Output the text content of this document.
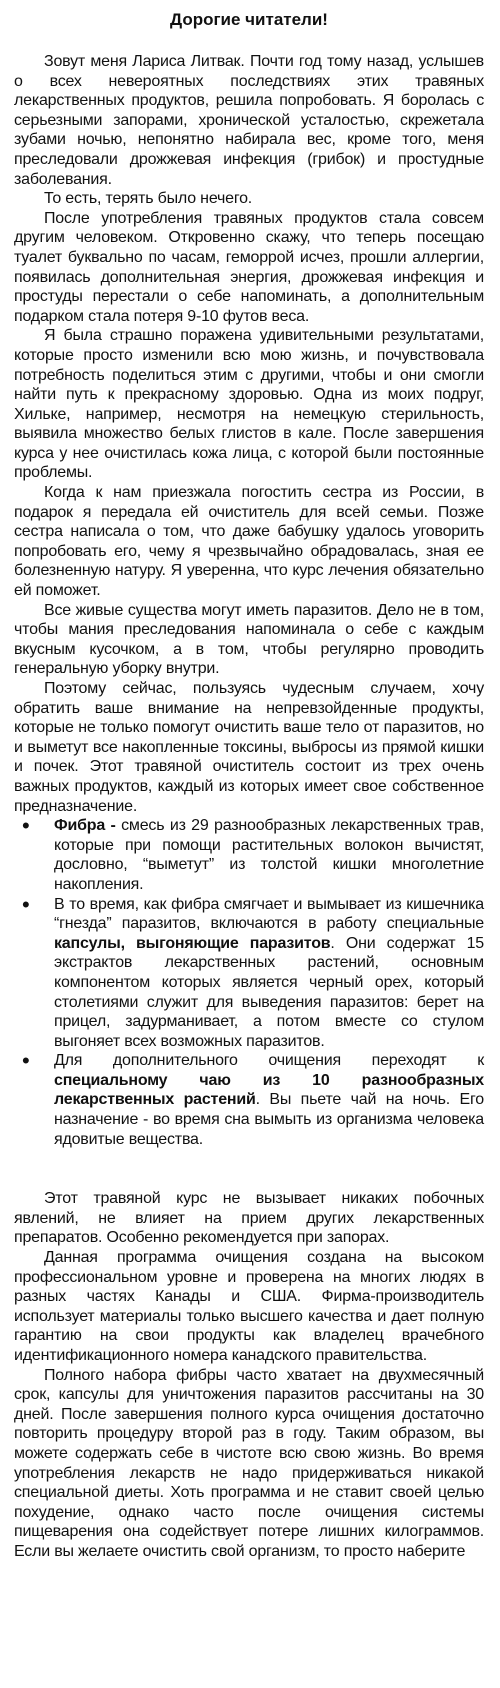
Дорогие читатели!

Зовут меня Лариса Литвак. Почти год тому назад, услышев о всех невероятных последствиях этих травяных лекарственных продуктов, решила попробовать. Я боролась с серьезными запорами, хронической усталостью, скрежетала зубами ночью, непонятно набирала вес, кроме того, меня преследовали дрожжевая инфекция (грибок) и простудные заболевания.

То есть, терять было нечего.

После употребления травяных продуктов стала совсем другим человеком. Откровенно скажу, что теперь посещаю туалет буквально по часам, геморрой исчез, прошли аллергии, появилась дополнительная энергия, дрожжевая инфекция и простуды перестали о себе напоминать, а дополнительным подарком стала потеря 9-10 футов веса.

Я была страшно поражена удивительными результатами, которые просто изменили всю мою жизнь, и почувствовала потребность поделиться этим с другими, чтобы и они смогли найти путь к прекрасному здоровью. Одна из моих подруг, Хильке, например, несмотря на немецкую стерильность, выявила множество белых глистов в кале. После завершения курса у нее очистилась кожа лица, с которой были постоянные проблемы.

Когда к нам приезжала погостить сестра из России, в подарок я передала ей очиститель для всей семьи. Позже сестра написала о том, что даже бабушку удалось уговорить попробовать его, чему я чрезвычайно обрадовалась, зная ее болезненную натуру. Я уверенна, что курс лечения обязательно ей поможет.

Все живые существа могут иметь паразитов. Дело не в том, чтобы мания преследования напоминала о себе с каждым вкусным кусочком, а в том, чтобы регулярно проводить генеральную уборку внутри.

Поэтому сейчас, пользуясь чудесным случаем, хочу обратить ваше внимание на непревзойденные продукты, которые не только помогут очистить ваше тело от паразитов, но и выметут все накопленные токсины, выбросы из прямой кишки и почек. Этот травяной очиститель состоит из трех очень важных продуктов, каждый из которых имеет свое собственное предназначение.

• Фибра - смесь из 29 разнообразных лекарственных трав, которые при помощи растительных волокон вычистят, дословно, “выметут” из толстой кишки многолетние накопления.
• В то время, как фибра смягчает и вымывает из кишечника “гнезда” паразитов, включаются в работу специальные капсулы, выгоняющие паразитов. Они содержат 15 экстрактов лекарственных растений, основным компонентом которых является черный орех, который столетиями служит для выведения паразитов: берет на прицел, задурманивает, а потом вместе со стулом выгоняет всех возможных паразитов.
• Для дополнительного очищения переходят к специальному чаю из 10 разнообразных лекарственных растений. Вы пьете чай на ночь. Его назначение - во время сна вымыть из организма человека ядовитые вещества.

Этот травяной курс не вызывает никаких побочных явлений, не влияет на прием других лекарственных препаратов. Особенно рекомендуется при запорах.

Данная программа очищения создана на высоком профессиональном уровне и проверена на многих людях в разных частях Канады и США. Фирма-производитель использует материалы только высшего качества и дает полную гарантию на свои продукты как владелец врачебного идентификационного номера канадского правительства.

Полного набора фибры часто хватает на двухмесячный срок, капсулы для уничтожения паразитов рассчитаны на 30 дней. После завершения полного курса очищения достаточно повторить процедуру второй раз в году. Таким образом, вы можете содержать себе в чистоте всю свою жизнь. Во время употребления лекарств не надо придерживаться никакой специальной диеты. Хоть программа и не ставит своей целью похудение, однако часто после очищения системы пищеварения она содействует потере лишних килограммов. Если вы желаете очистить свой организм, то просто наберите
